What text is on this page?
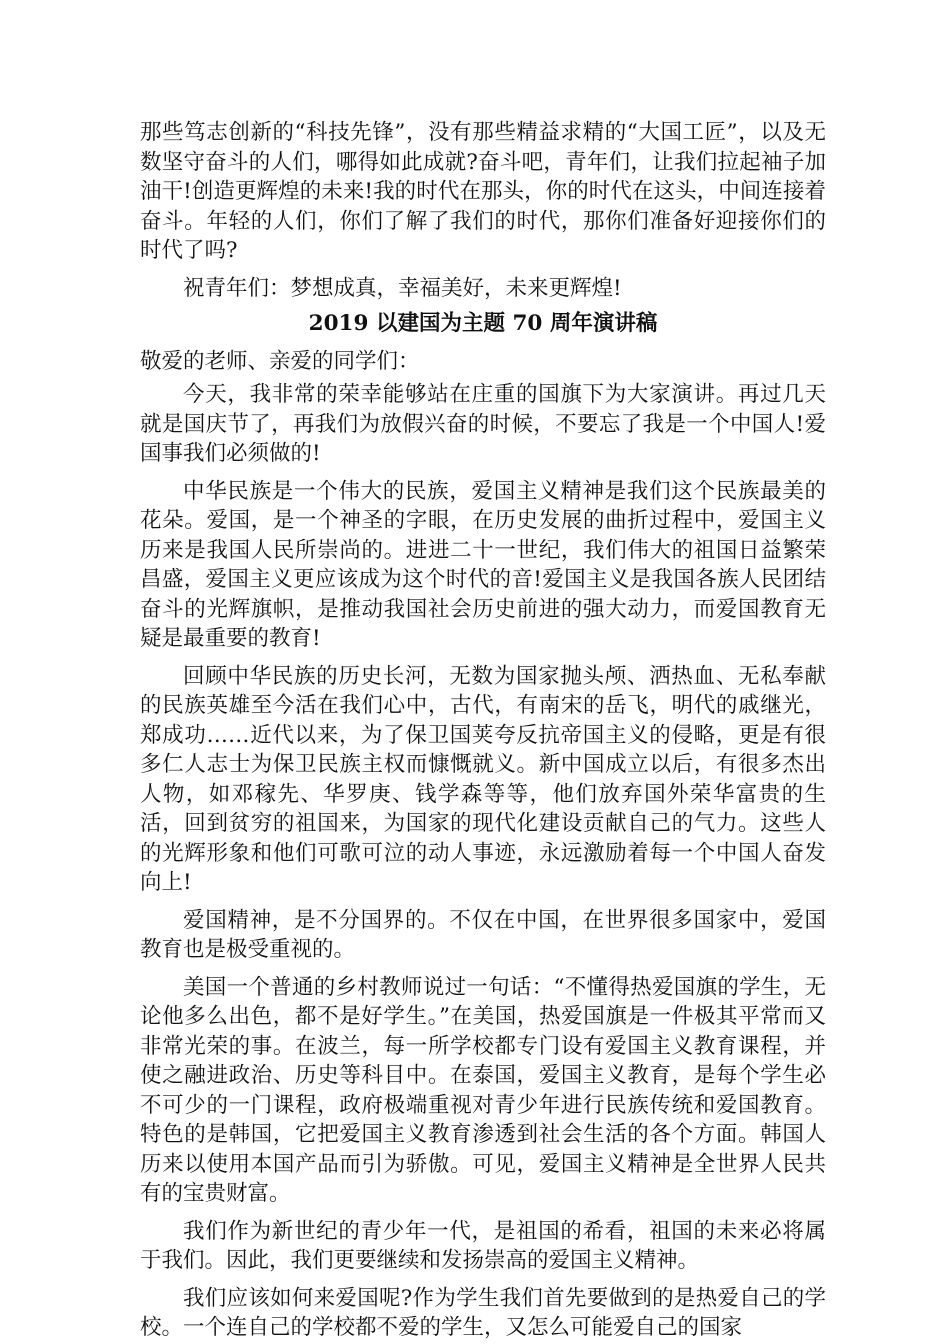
那些笃志创新的“科技先锋”，没有那些精益求精的“大国工匠”，以及无数坚守奋斗的人们，哪得如此成就?奋斗吧，青年们，让我们拉起袖子加油干!创造更辉煌的未来!我的时代在那头，你的时代在这头，中间连接着奋斗。年轻的人们，你们了解了我们的时代，那你们准备好迎接你们的时代了吗?

祝青年们：梦想成真，幸福美好，未来更辉煌!

2019 以建国为主题 70 周年演讲稿

敬爱的老师、亲爱的同学们：

今天，我非常的荣幸能够站在庄重的国旗下为大家演讲。再过几天就是国庆节了，再我们为放假兴奋的时候，不要忘了我是一个中国人!爱国事我们必须做的!

中华民族是一个伟大的民族，爱国主义精神是我们这个民族最美的花朵。爱国，是一个神圣的字眼，在历史发展的曲折过程中，爱国主义历来是我国人民所崇尚的。进进二十一世纪，我们伟大的祖国日益繁荣昌盛，爱国主义更应该成为这个时代的音!爱国主义是我国各族人民团结奋斗的光辉旗帜，是推动我国社会历史前进的强大动力，而爱国教育无疑是最重要的教育!

回顾中华民族的历史长河，无数为国家抛头颅、洒热血、无私奉献的民族英雄至今活在我们心中，古代，有南宋的岳飞，明代的戚继光，郑成功……近代以来，为了保卫国荚夸反抗帝国主义的侵略，更是有很多仁人志士为保卫民族主权而慷慨就义。新中国成立以后，有很多杰出人物，如邓稼先、华罗庚、钱学森等等，他们放弃国外荣华富贵的生活，回到贫穷的祖国来，为国家的现代化建设贡献自己的气力。这些人的光辉形象和他们可歌可泣的动人事迹，永远激励着每一个中国人奋发向上!

爱国精神，是不分国界的。不仅在中国，在世界很多国家中，爱国教育也是极受重视的。

美国一个普通的乡村教师说过一句话：“不懂得热爱国旗的学生，无论他多么出色，都不是好学生。”在美国，热爱国旗是一件极其平常而又非常光荣的事。在波兰，每一所学校都专门设有爱国主义教育课程，并使之融进政治、历史等科目中。在泰国，爱国主义教育，是每个学生必不可少的一门课程，政府极端重视对青少年进行民族传统和爱国教育。特色的是韩国，它把爱国主义教育渗透到社会生活的各个方面。韩国人历来以使用本国产品而引为骄傲。可见，爱国主义精神是全世界人民共有的宝贵财富。

我们作为新世纪的青少年一代，是祖国的希看，祖国的未来必将属于我们。因此，我们更要继续和发扬崇高的爱国主义精神。

我们应该如何来爱国呢?作为学生我们首先要做到的是热爱自己的学校。一个连自己的学校都不爱的学生，又怎么可能爱自己的国家
